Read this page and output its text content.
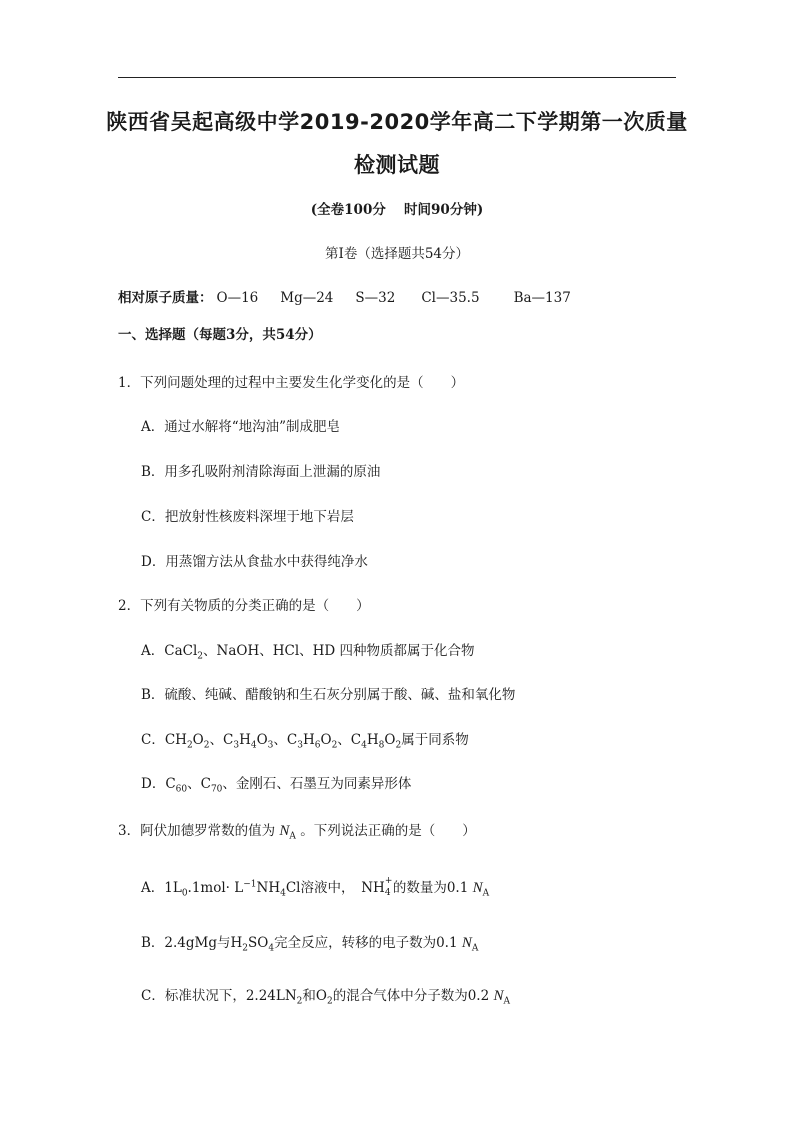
陕西省吴起高级中学2019-2020学年高二下学期第一次质量
检测试题
(全卷100分　 时间90分钟)
第Ⅰ卷（选择题共54分）
相对原子质量： O—16 Mg—24 S—32 Cl—35.5	Ba—137
一、选择题（每题3分，共54分）
1．下列问题处理的过程中主要发生化学变化的是（　　）
A．通过水解将“地沟油”制成肥皂
B．用多孔吸附剂清除海面上泄漏的原油
C．把放射性核废料深埋于地下岩层
D．用蒸馏方法从食盐水中获得纯净水
2．下列有关物质的分类正确的是（　　）
A．CaCl$_2$、NaOH、HCl、HD 四种物质都属于化合物
B．硫酸、纯碱、醋酸钠和生石灰分别属于酸、碱、盐和氧化物
C．$CH_2O_2$、$C_3H_4O_3$、$C_3H_6O_2$、$C_4H_8O_2$属于同系物
D．$C_{60}$、$C_{70}$、金刚石、石墨互为同素异形体
3．阿伏加德罗常数的值为 $N_A$ 。下列说法正确的是（　　）
A．$1L_0.1mol\cdot L^{-1}NH_4Cl$溶液中，　NH +
4 的数量为0.1 $N_A$
B．2.4gMg与$H_2SO_4$完全反应，转移的电子数为0.1 $N_A$
C．标准状况下，$2.24LN_2$和$O_2$的混合气体中分子数为0.2 $N_A$
